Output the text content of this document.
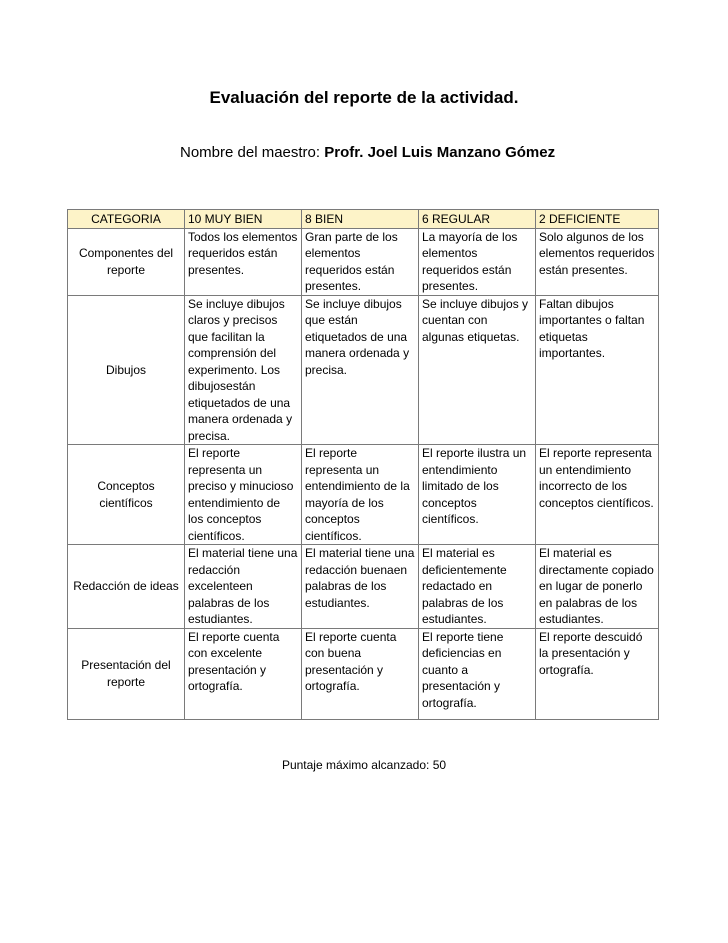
Evaluación del reporte de la actividad.
Nombre del maestro: Profr. Joel Luis Manzano Gómez
CATEGORIA	10 MUY BIEN	8 BIEN	6 REGULAR	2 DEFICIENTE
Componentes del reporte	Todos los elementos requeridos están presentes.	Gran parte de los elementos requeridos están presentes.	La mayoría de los elementos requeridos están presentes.	Solo algunos de los elementos requeridos están presentes.
Dibujos	Se incluye dibujos claros y precisos que facilitan la comprensión del experimento. Los dibujosestán etiquetados de una manera ordenada y precisa.	Se incluye dibujos que están etiquetados de una manera ordenada y precisa.	Se incluye dibujos y cuentan con algunas etiquetas.	Faltan dibujos importantes o faltan etiquetas importantes.
Conceptos científicos	El reporte representa un preciso y minucioso entendimiento de los conceptos científicos.	El reporte representa un entendimiento de la mayoría de los conceptos científicos.	El reporte ilustra un entendimiento limitado de los conceptos científicos.	El reporte representa un entendimiento incorrecto de los conceptos científicos.
Redacción de ideas	El material tiene una redacción excelenteen palabras de los estudiantes.	El material tiene una redacción buenaen palabras de los estudiantes.	El material es deficientemente redactado en palabras de los estudiantes.	El material es directamente copiado en lugar de ponerlo en palabras de los estudiantes.
Presentación del reporte	El reporte cuenta con excelente presentación y ortografía.	El reporte cuenta con buena presentación y ortografía.	El reporte tiene deficiencias en cuanto a presentación y ortografía.	El reporte descuidó la presentación y ortografía.
Puntaje máximo alcanzado: 50
